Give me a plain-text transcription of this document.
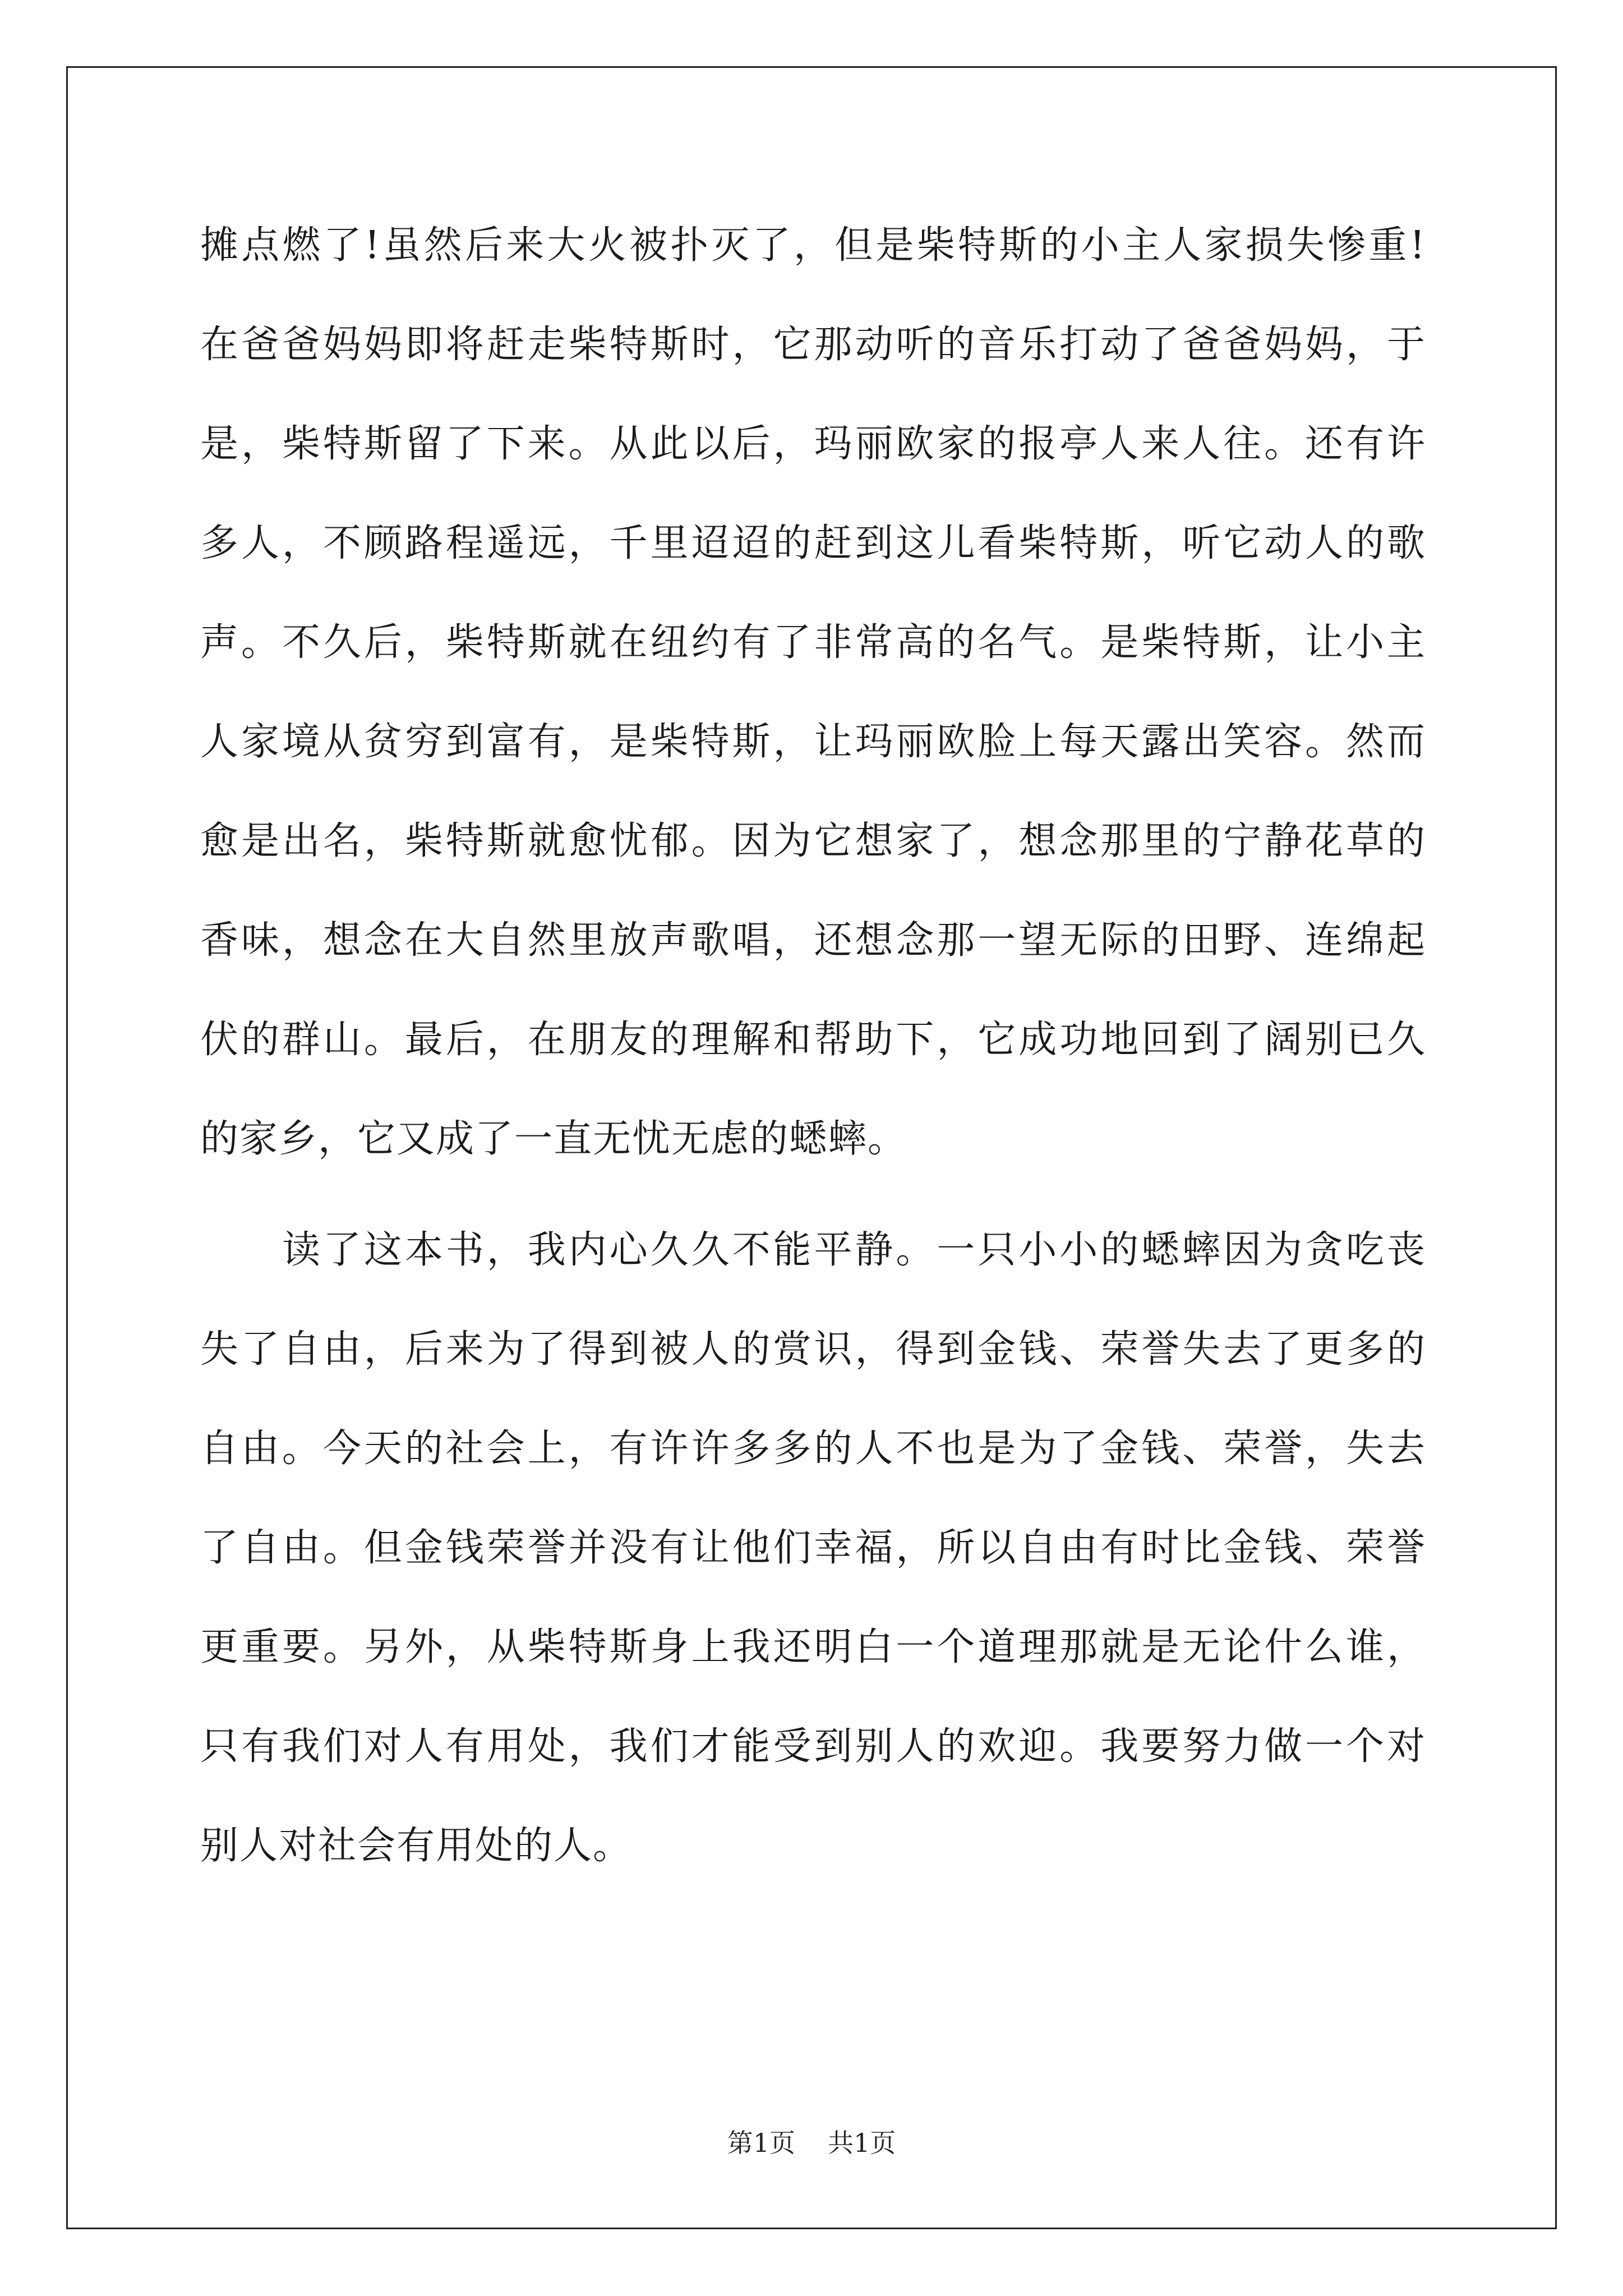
摊点燃了!虽然后来大火被扑灭了，但是柴特斯的小主人家损失惨重!
在爸爸妈妈即将赶走柴特斯时，它那动听的音乐打动了爸爸妈妈，于
是，柴特斯留了下来。从此以后，玛丽欧家的报亭人来人往。还有许
多人，不顾路程遥远，千里迢迢的赶到这儿看柴特斯，听它动人的歌
声。不久后，柴特斯就在纽约有了非常高的名气。是柴特斯，让小主
人家境从贫穷到富有，是柴特斯，让玛丽欧脸上每天露出笑容。然而
愈是出名，柴特斯就愈忧郁。因为它想家了，想念那里的宁静花草的
香味，想念在大自然里放声歌唱，还想念那一望无际的田野、连绵起
伏的群山。最后，在朋友的理解和帮助下，它成功地回到了阔别已久
的家乡，它又成了一直无忧无虑的蟋蟀。
读了这本书，我内心久久不能平静。一只小小的蟋蟀因为贪吃丧
失了自由，后来为了得到被人的赏识，得到金钱、荣誉失去了更多的
自由。今天的社会上，有许许多多的人不也是为了金钱、荣誉，失去
了自由。但金钱荣誉并没有让他们幸福，所以自由有时比金钱、荣誉
更重要。另外，从柴特斯身上我还明白一个道理那就是无论什么谁，
只有我们对人有用处，我们才能受到别人的欢迎。我要努力做一个对
别人对社会有用处的人。
第1页 共1页
